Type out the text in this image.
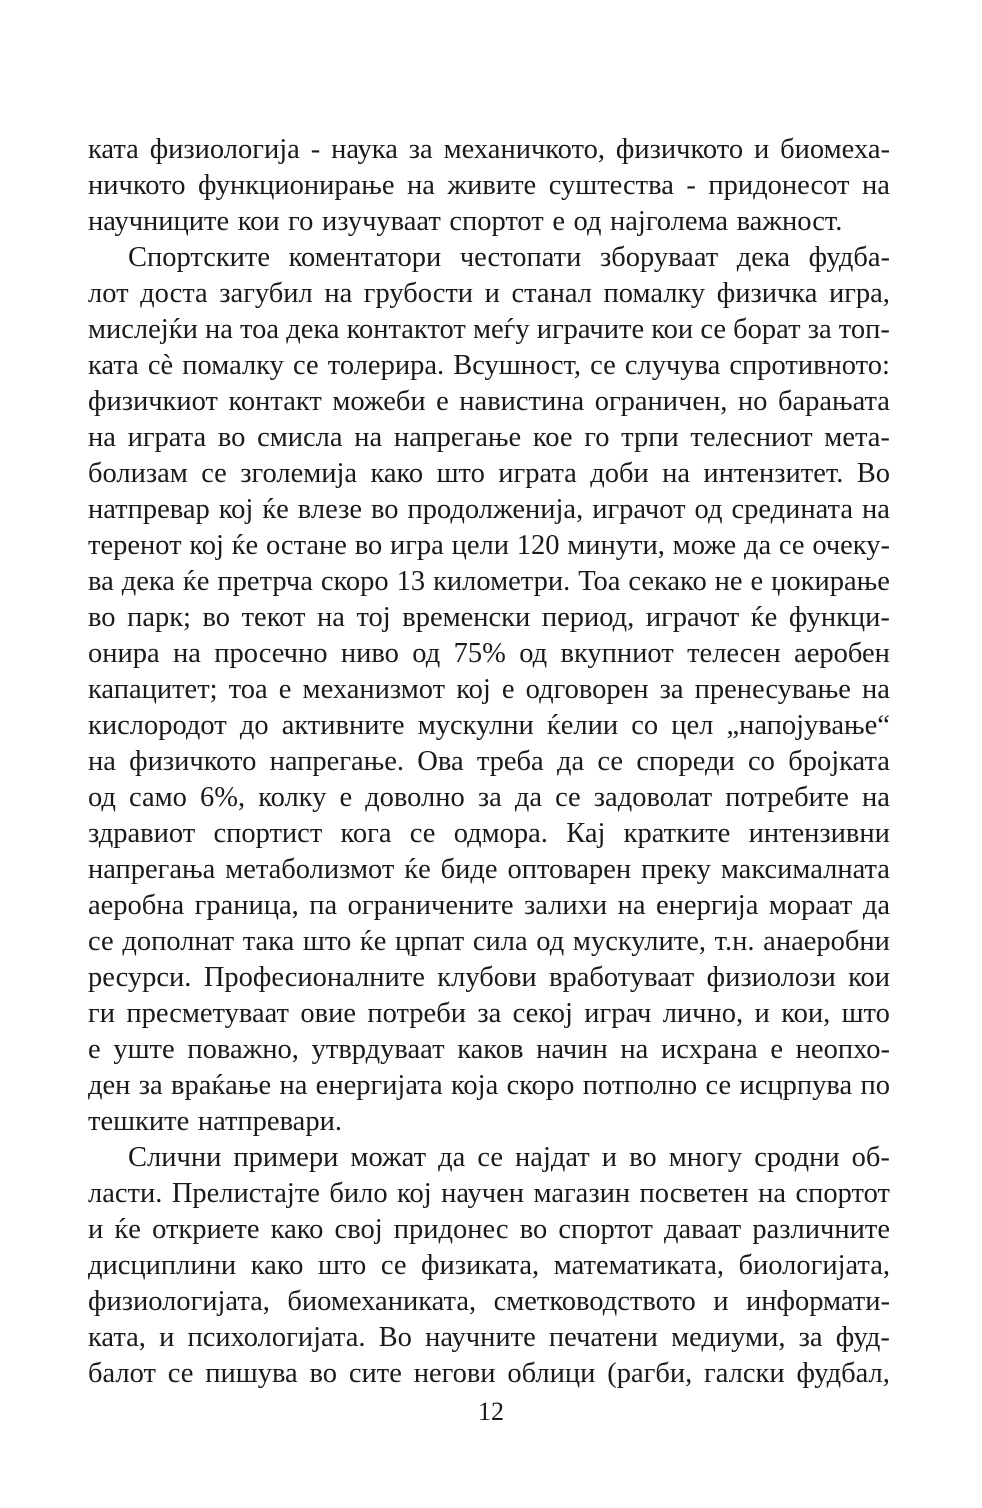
ката физиологија - наука за механичкото, физичкото и биомеха-
ничкото функционирање на живите суштества - придонесот на
научниците кои го изучуваат спортот е од најголема важност.
Спортските коментатори честопати зборуваат дека фудба-
лот доста загубил на грубости и станал помалку физичка игра,
мислејќи на тоа дека контактот меѓу играчите кои се борат за топ-
ката сѐ помалку се толерира. Всушност, се случува спротивното:
физичкиот контакт можеби е навистина ограничен, но барањата
на играта во смисла на напрегање кое го трпи телесниот мета-
болизам се зголемија како што играта доби на интензитет. Во
натпревар кој ќе влезе во продолженија, играчот од средината на
теренот кој ќе остане во игра цели 120 минути, може да се очеку-
ва дека ќе претрча скоро 13 километри. Тоа секако не е џокирање
во парк; во текот на тој временски период, играчот ќе функци-
онира на просечно ниво од 75% од вкупниот телесен аеробен
капацитет; тоа е механизмот кој е одговорен за пренесување на
кислородот до активните мускулни ќелии со цел „напојување“
на физичкото напрегање. Ова треба да се спореди со бројката
од само 6%, колку е доволно за да се задоволат потребите на
здравиот спортист кога се одмора. Кај кратките интензивни
напрегања метаболизмот ќе биде оптоварен преку максималната
аеробна граница, па ограничените залихи на енергија мораат да
се дополнат така што ќе црпат сила од мускулите, т.н. анаеробни
ресурси. Професионалните клубови вработуваат физиолози кои
ги пресметуваат овие потреби за секој играч лично, и кои, што
е уште поважно, утврдуваат каков начин на исхрана е неопхо-
ден за враќање на енергијата која скоро потполно се исцрпува по
тешките натпревари.
Слични примери можат да се најдат и во многу сродни об-
ласти. Прелистајте било кој научен магазин посветен на спортот
и ќе откриете како свој придонес во спортот даваат различните
дисциплини како што се физиката, математиката, биологијата,
физиологијата, биомеханиката, сметководството и информати-
ката, и психологијата. Во научните печатени медиуми, за фуд-
балот се пишува во сите негови облици (рагби, галски фудбал,
12
